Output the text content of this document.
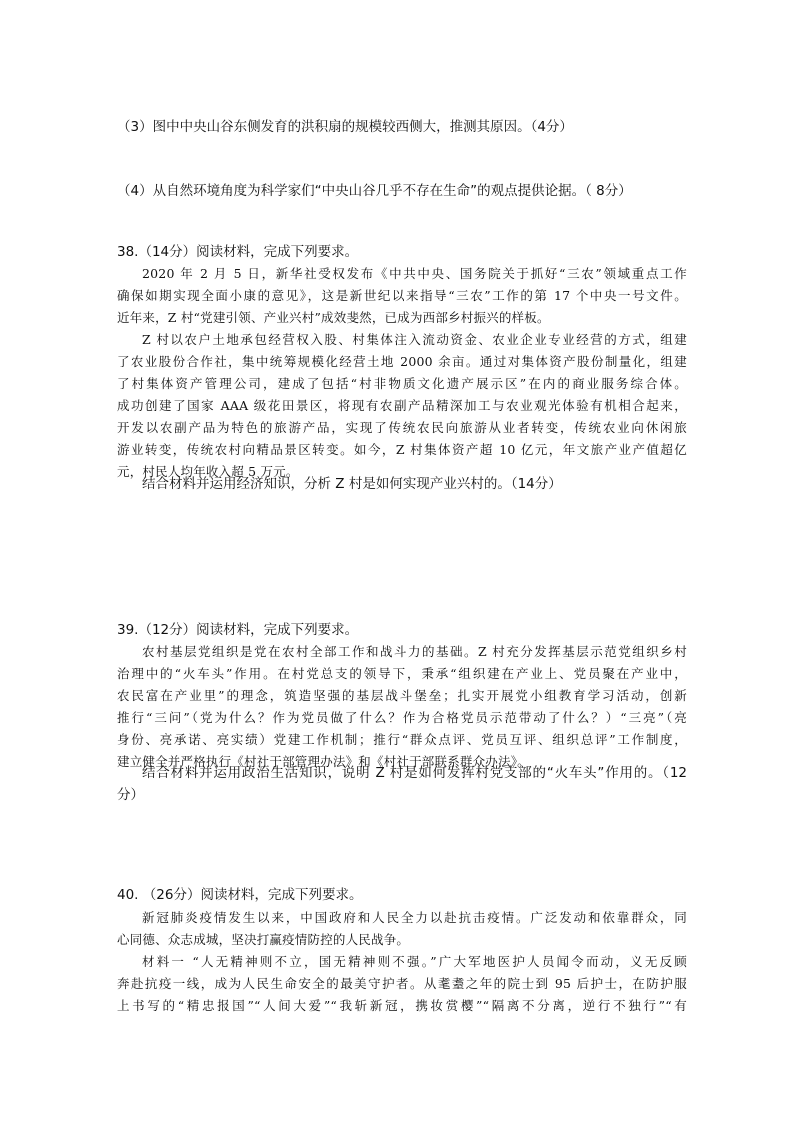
（3）图中中央山谷东侧发育的洪积扇的规模较西侧大，推测其原因。（4分）
（4）从自然环境角度为科学家们“中央山谷几乎不存在生命”的观点提供论据。（ 8分）
38.（14分）阅读材料，完成下列要求。
2020 年 2 月 5 日，新华社受权发布《中共中央、国务院关于抓好“三农”领域重点工作
确保如期实现全面小康的意见》，这是新世纪以来指导“三农”工作的第 17 个中央一号文件。
近年来，Z 村“党建引领、产业兴村”成效斐然，已成为西部乡村振兴的样板。
Z 村以农户土地承包经营权入股、村集体注入流动资金、农业企业专业经营的方式，组建
了农业股份合作社，集中统筹规模化经营土地 2000 余亩。通过对集体资产股份制量化，组建
了村集体资产管理公司，建成了包括“村非物质文化遗产展示区”在内的商业服务综合体。
成功创建了国家 AAA 级花田景区，将现有农副产品精深加工与农业观光体验有机相合起来，
开发以农副产品为特色的旅游产品，实现了传统农民向旅游从业者转变，传统农业向休闲旅
游业转变，传统农村向精品景区转变。如今，Z 村集体资产超 10 亿元，年文旅产业产值超亿
元，村民人均年收入超 5 万元。
结合材料并运用经济知识，分析 Z 村是如何实现产业兴村的。（14分）
39.（12分）阅读材料，完成下列要求。
农村基层党组织是党在农村全部工作和战斗力的基础。Z 村充分发挥基层示范党组织乡村
治理中的“火车头”作用。在村党总支的领导下，秉承“组织建在产业上、党员聚在产业中，
农民富在产业里”的理念，筑造坚强的基层战斗堡垒；扎实开展党小组教育学习活动，创新
推行“三问”（党为什么？作为党员做了什么？作为合格党员示范带动了什么？）“三亮”（亮
身份、亮承诺、亮实绩）党建工作机制；推行“群众点评、党员互评、组织总评”工作制度，
建立健全并严格执行《村社干部管理办法》和《村社干部联系群众办法》。
结合材料并运用政治生活知识，说明 Z 村是如何发挥村党支部的“火车头”作用的。（12
分）
40. （26分）阅读材料，完成下列要求。
新冠肺炎疫情发生以来，中国政府和人民全力以赴抗击疫情。广泛发动和依靠群众，同
心同德、众志成城，坚决打赢疫情防控的人民战争。
材料一 “人无精神则不立，国无精神则不强。”广大军地医护人员闻令而动，义无反顾
奔赴抗疫一线，成为人民生命安全的最美守护者。从耄耋之年的院士到 95 后护士，在防护服
上书写的“精忠报国”“人间大爱”“我斩新冠，携妆赏樱”“隔离不分离，逆行不独行”“有
